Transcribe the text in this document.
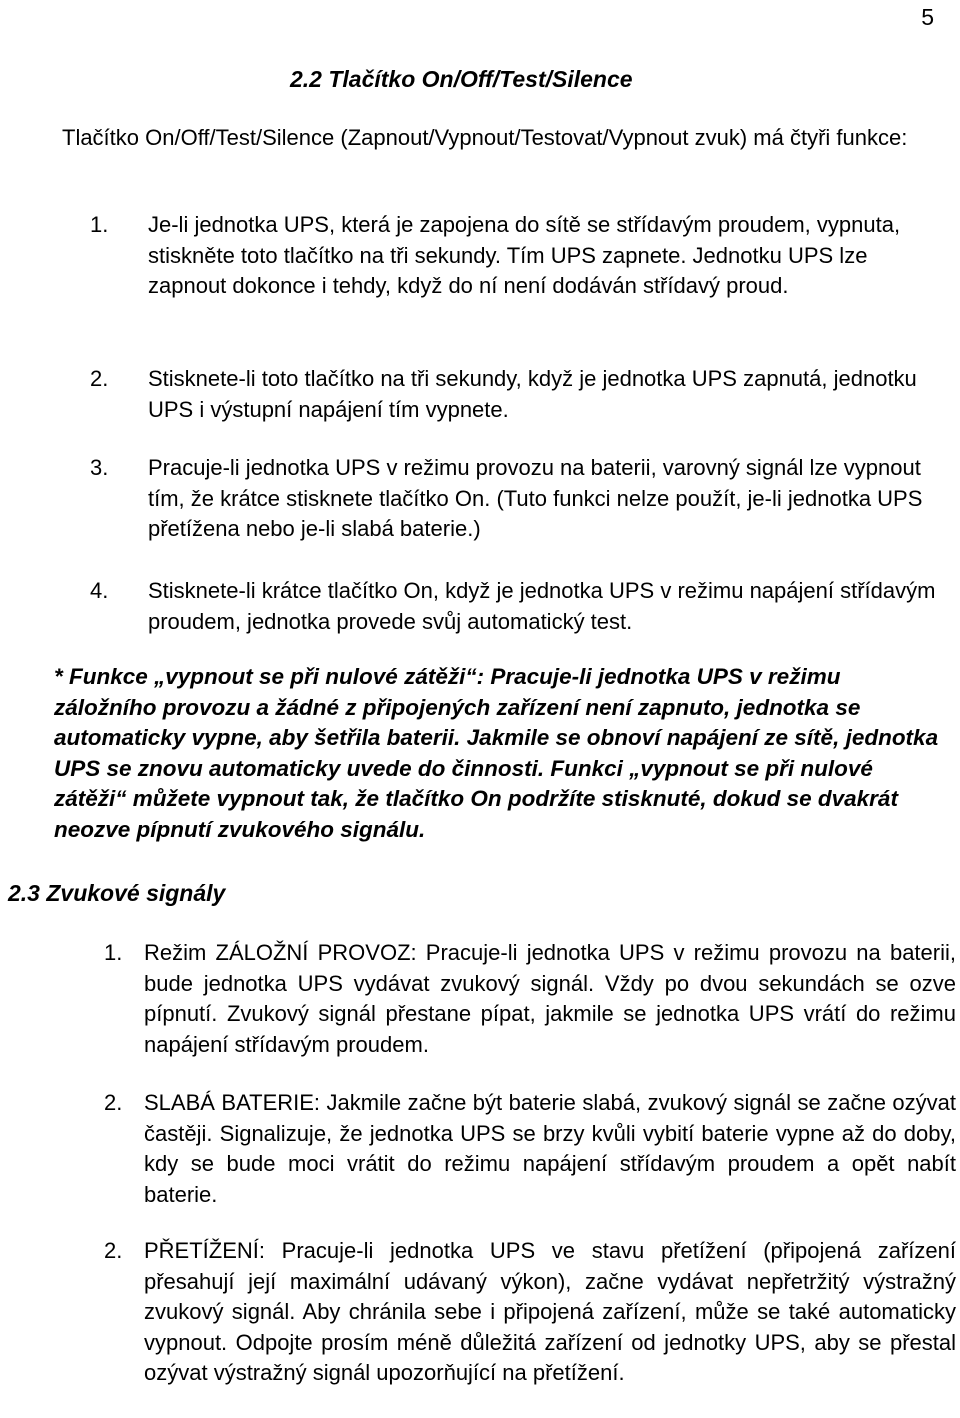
5
2.2 Tlačítko On/Off/Test/Silence
Tlačítko On/Off/Test/Silence (Zapnout/Vypnout/Testovat/Vypnout zvuk) má čtyři funkce:
1. Je-li jednotka UPS, která je zapojena do sítě se střídavým proudem, vypnuta, stiskněte toto tlačítko na tři sekundy. Tím UPS zapnete. Jednotku UPS lze zapnout dokonce i tehdy, když do ní není dodáván střídavý proud.
2. Stisknete-li toto tlačítko na tři sekundy, když je jednotka UPS zapnutá, jednotku UPS i výstupní napájení tím vypnete.
3. Pracuje-li jednotka UPS v režimu provozu na baterii, varovný signál lze vypnout tím, že krátce stisknete tlačítko On. (Tuto funkci nelze použít, je-li jednotka UPS přetížena nebo je-li slabá baterie.)
4. Stisknete-li krátce tlačítko On, když je jednotka UPS v režimu napájení střídavým proudem, jednotka provede svůj automatický test.
* Funkce „vypnout se při nulové zátěži“: Pracuje-li jednotka UPS v režimu záložního provozu a žádné z připojených zařízení není zapnuto, jednotka se automaticky vypne, aby šetřila baterii. Jakmile se obnoví napájení ze sítě, jednotka UPS se znovu automaticky uvede do činnosti. Funkci „vypnout se při nulové zátěži“ můžete vypnout tak, že tlačítko On podržíte stisknuté, dokud se dvakrát neozve pípnutí zvukového signálu.
2.3 Zvukové signály
1. Režim ZÁLOŽNÍ PROVOZ: Pracuje-li jednotka UPS v režimu provozu na baterii, bude jednotka UPS vydávat zvukový signál. Vždy po dvou sekundách se ozve pípnutí. Zvukový signál přestane pípat, jakmile se jednotka UPS vrátí do režimu napájení střídavým proudem.
2. SLABÁ BATERIE: Jakmile začne být baterie slabá, zvukový signál se začne ozývat častěji. Signalizuje, že jednotka UPS se brzy kvůli vybití baterie vypne až do doby, kdy se bude moci vrátit do režimu napájení střídavým proudem a opět nabít baterie.
2. PŘETÍŽENÍ: Pracuje-li jednotka UPS ve stavu přetížení (připojená zařízení přesahují její maximální udávaný výkon), začne vydávat nepřetržitý výstražný zvukový signál. Aby chránila sebe i připojená zařízení, může se také automaticky vypnout. Odpojte prosím méně důležitá zařízení od jednotky UPS, aby se přestal ozývat výstražný signál upozorňující na přetížení.
